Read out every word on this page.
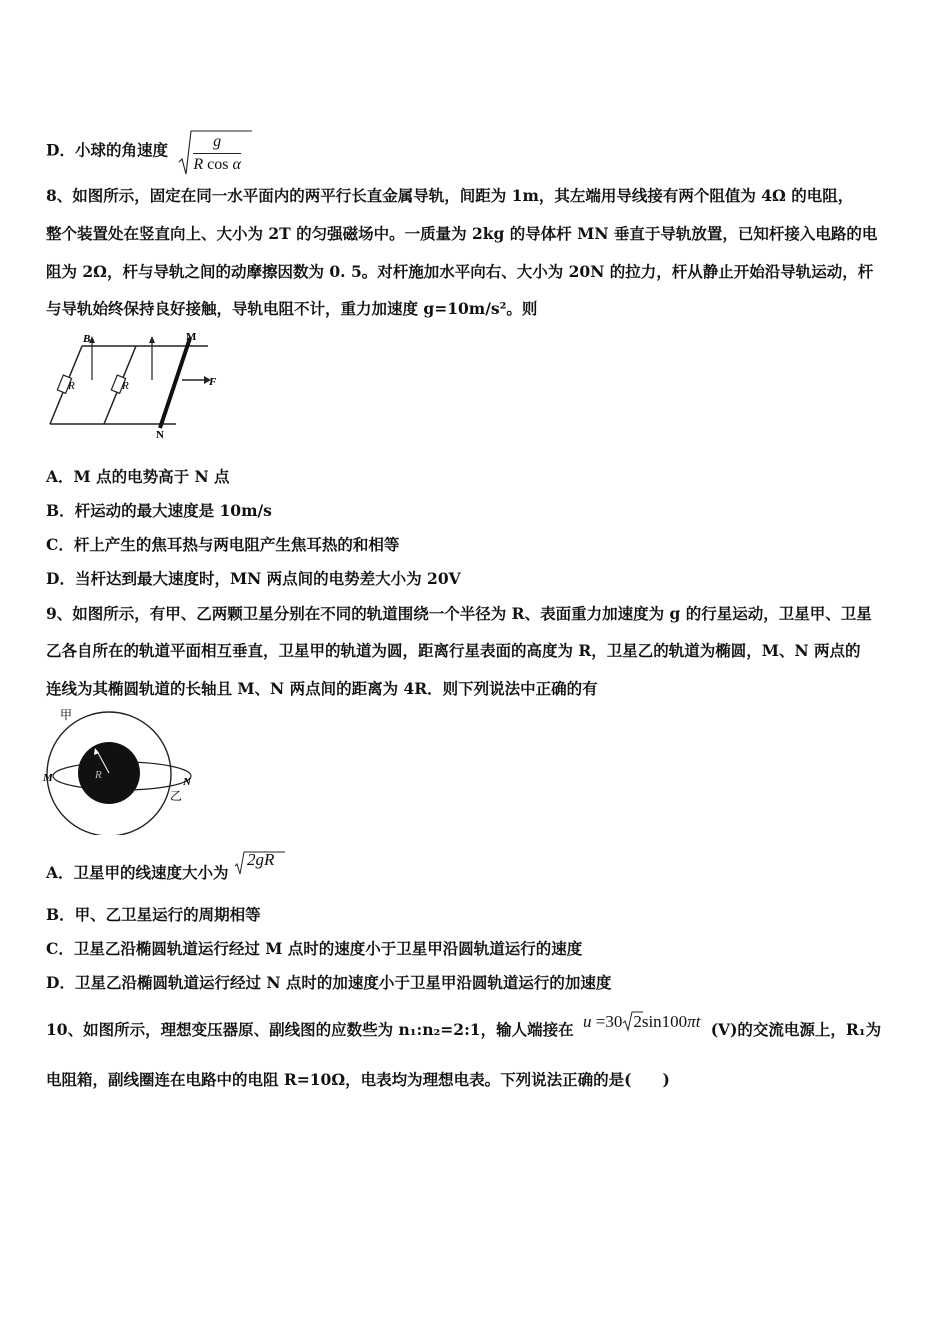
D．小球的角速度 $\frac{g}{\text{R cos α}}$
8、如图所示，固定在同一水平面内的两平行长直金属导轨，间距为 1m，其左端用导线接有两个阻值为 4Ω 的电阻，
整个装置处在竖直向上、大小为 2T 的匀强磁场中。一质量为 2kg 的导体杆 MN 垂直于导轨放置，已知杆接入电路的电
阻为 2Ω，杆与导轨之间的动摩擦因数为 0. 5。对杆施加水平向右、大小为 20N 的拉力，杆从静止开始沿导轨运动，杆
与导轨始终保持良好接触，导轨电阻不计，重力加速度 g=10m/s²。则
R	R
B	M
N
F
A．M 点的电势高于 N 点
B．杆运动的最大速度是 10m/s
C．杆上产生的焦耳热与两电阻产生焦耳热的和相等
D．当杆达到最大速度时，MN 两点间的电势差大小为 20V
9、如图所示，有甲、乙两颗卫星分别在不同的轨道围绕一个半径为 R、表面重力加速度为 g 的行星运动，卫星甲、卫星
乙各自所在的轨道平面相互垂直，卫星甲的轨道为圆，距离行星表面的高度为 R，卫星乙的轨道为椭圆，M、N 两点的
连线为其椭圆轨道的长轴且 M、N 两点间的距离为 4R．则下列说法中正确的有
R
甲
M	N
乙
A．卫星甲的线速度大小为
2gR
B．甲、乙卫星运行的周期相等
C．卫星乙沿椭圆轨道运行经过 M 点时的速度小于卫星甲沿圆轨道运行的速度
D．卫星乙沿椭圆轨道运行经过 N 点时的加速度小于卫星甲沿圆轨道运行的加速度
10、如图所示，理想变压器原、副线图的应数些为 n₁:n₂=2:1，输人端接在 u =30 2sin100πt (V)的交流电源上，R₁为
电阻箱，副线圈连在电路中的电阻 R=10Ω，电表均为理想电表。下列说法正确的是(　　)
